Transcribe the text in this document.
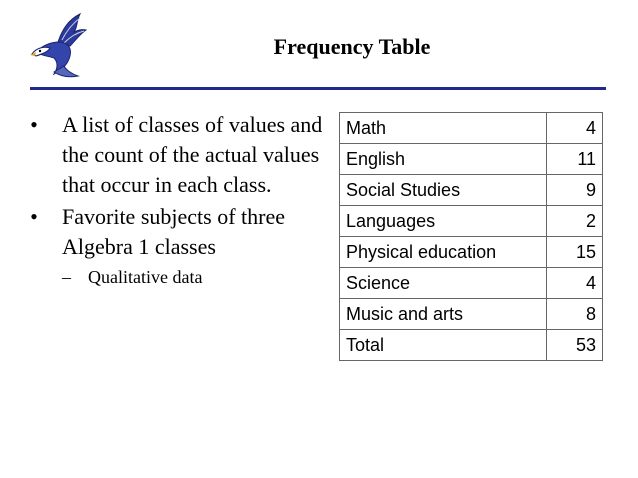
Frequency Table
• A list of classes of values and the count of the actual values that occur in each class.
• Favorite subjects of three Algebra 1 classes
– Qualitative data
Math	4
English	11
Social Studies	9
Languages	2
Physical education	15
Science	4
Music and arts	8
Total	53
